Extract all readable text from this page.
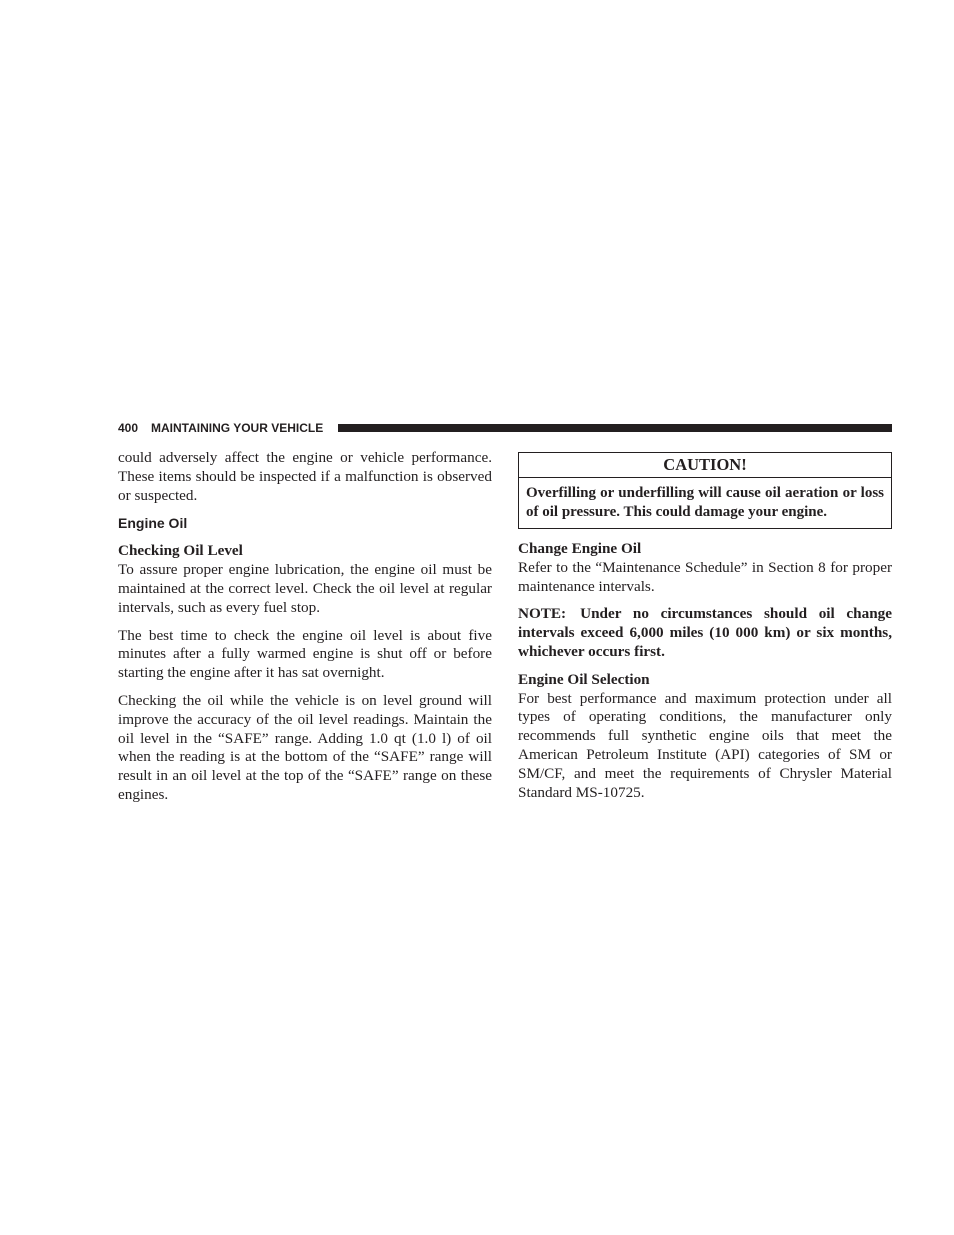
400 MAINTAINING YOUR VEHICLE

could adversely affect the engine or vehicle performance. These items should be inspected if a malfunction is observed or suspected.

Engine Oil
Checking Oil Level

To assure proper engine lubrication, the engine oil must be maintained at the correct level. Check the oil level at regular intervals, such as every fuel stop.

The best time to check the engine oil level is about five minutes after a fully warmed engine is shut off or before starting the engine after it has sat overnight.

Checking the oil while the vehicle is on level ground will improve the accuracy of the oil level readings. Maintain the oil level in the “SAFE” range. Adding 1.0 qt (1.0 l) of oil when the reading is at the bottom of the “SAFE” range will result in an oil level at the top of the “SAFE” range on these engines.

CAUTION!
Overfilling or underfilling will cause oil aeration or loss of oil pressure. This could damage your engine.
Change Engine Oil

Refer to the “Maintenance Schedule” in Section 8 for proper maintenance intervals.

NOTE: Under no circumstances should oil change intervals exceed 6,000 miles (10 000 km) or six months, whichever occurs first.

Engine Oil Selection

For best performance and maximum protection under all types of operating conditions, the manufacturer only recommends full synthetic engine oils that meet the American Petroleum Institute (API) categories of SM or SM/CF, and meet the requirements of Chrysler Material Standard MS-10725.
